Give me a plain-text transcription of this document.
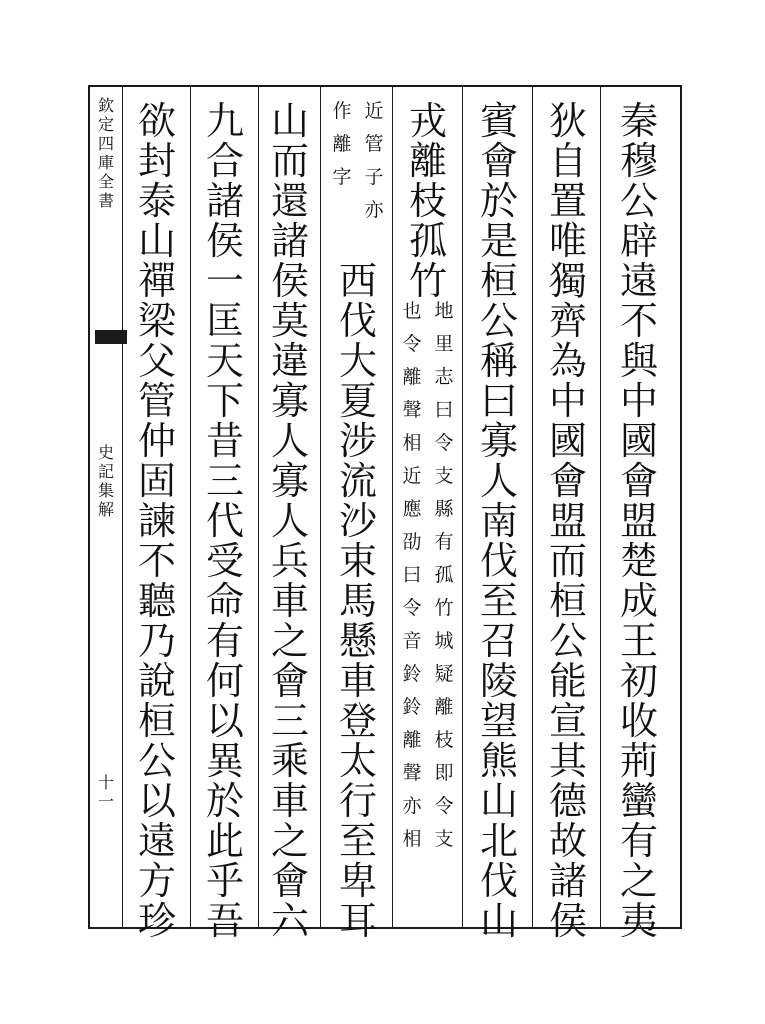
欽
定
四
庫
全
書
史
記
集
解
十
一
秦
穆
公
辟
遠
不
與
中
國
會
盟
楚
成
王
初
收
荊
蠻
有
之
夷
狄
自
置
唯
獨
齊
為
中
國
會
盟
而
桓
公
能
宣
其
德
故
諸
侯
賓
會
於
是
桓
公
稱
曰
寡
人
南
伐
至
召
陵
望
熊
山
北
伐
山
戎
離
枝
孤
竹
地
里
志
曰
令
支
縣
有
孤
竹
城
疑
離
枝
即
令
支
也
令
離
聲
相
近
應
劭
曰
令
音
鈴
鈴
離
聲
亦
相
近
管
子
亦
作
離
字
西
伐
大
夏
涉
流
沙
束
馬
懸
車
登
太
行
至
卑
耳
山
而
還
諸
侯
莫
違
寡
人
寡
人
兵
車
之
會
三
乘
車
之
會
六
九
合
諸
侯
一
匡
天
下
昔
三
代
受
命
有
何
以
異
於
此
乎
吾
欲
封
泰
山
禪
梁
父
管
仲
固
諫
不
聽
乃
說
桓
公
以
遠
方
珍
